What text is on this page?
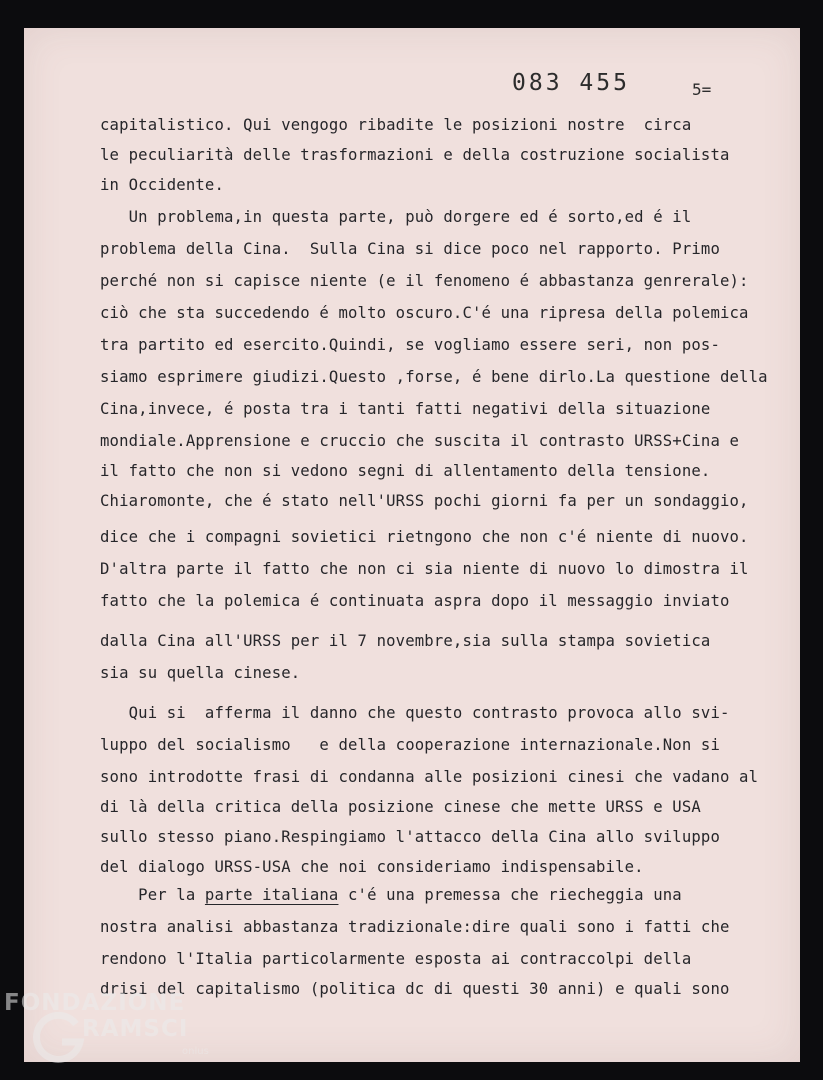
083 455	5=
capitalistico. Qui vengogo ribadite le posizioni nostre  circa
le peculiarità delle trasformazioni e della costruzione socialista
in Occidente.
Un problema,in questa parte, può dorgere ed é sorto,ed é il
problema della Cina.  Sulla Cina si dice poco nel rapporto. Primo
perché non si capisce niente (e il fenomeno é abbastanza genrerale):
ciò che sta succedendo é molto oscuro.C'é una ripresa della polemica
tra partito ed esercito.Quindi, se vogliamo essere seri, non pos-
siamo esprimere giudizi.Questo ,forse, é bene dirlo.La questione della
Cina,invece, é posta tra i tanti fatti negativi della situazione
mondiale.Apprensione e cruccio che suscita il contrasto URSS+Cina e
il fatto che non si vedono segni di allentamento della tensione.
Chiaromonte, che é stato nell'URSS pochi giorni fa per un sondaggio,
dice che i compagni sovietici rietngono che non c'é niente di nuovo.
D'altra parte il fatto che non ci sia niente di nuovo lo dimostra il
fatto che la polemica é continuata aspra dopo il messaggio inviato
dalla Cina all'URSS per il 7 novembre,sia sulla stampa sovietica
sia su quella cinese.
Qui si  afferma il danno che questo contrasto provoca allo svi-
luppo del socialismo   e della cooperazione internazionale.Non si
sono introdotte frasi di condanna alle posizioni cinesi che vadano al
di là della critica della posizione cinese che mette URSS e USA
sullo stesso piano.Respingiamo l'attacco della Cina allo sviluppo
del dialogo URSS-USA che noi consideriamo indispensabile.
Per la parte italiana c'é una premessa che riecheggia una
nostra analisi abbastanza tradizionale:dire quali sono i fatti che
rendono l'Italia particolarmente esposta ai contraccolpi della
drisi del capitalismo (politica dc di questi 30 anni) e quali sono
FONDAZIONE
RAMSCI
onlus
